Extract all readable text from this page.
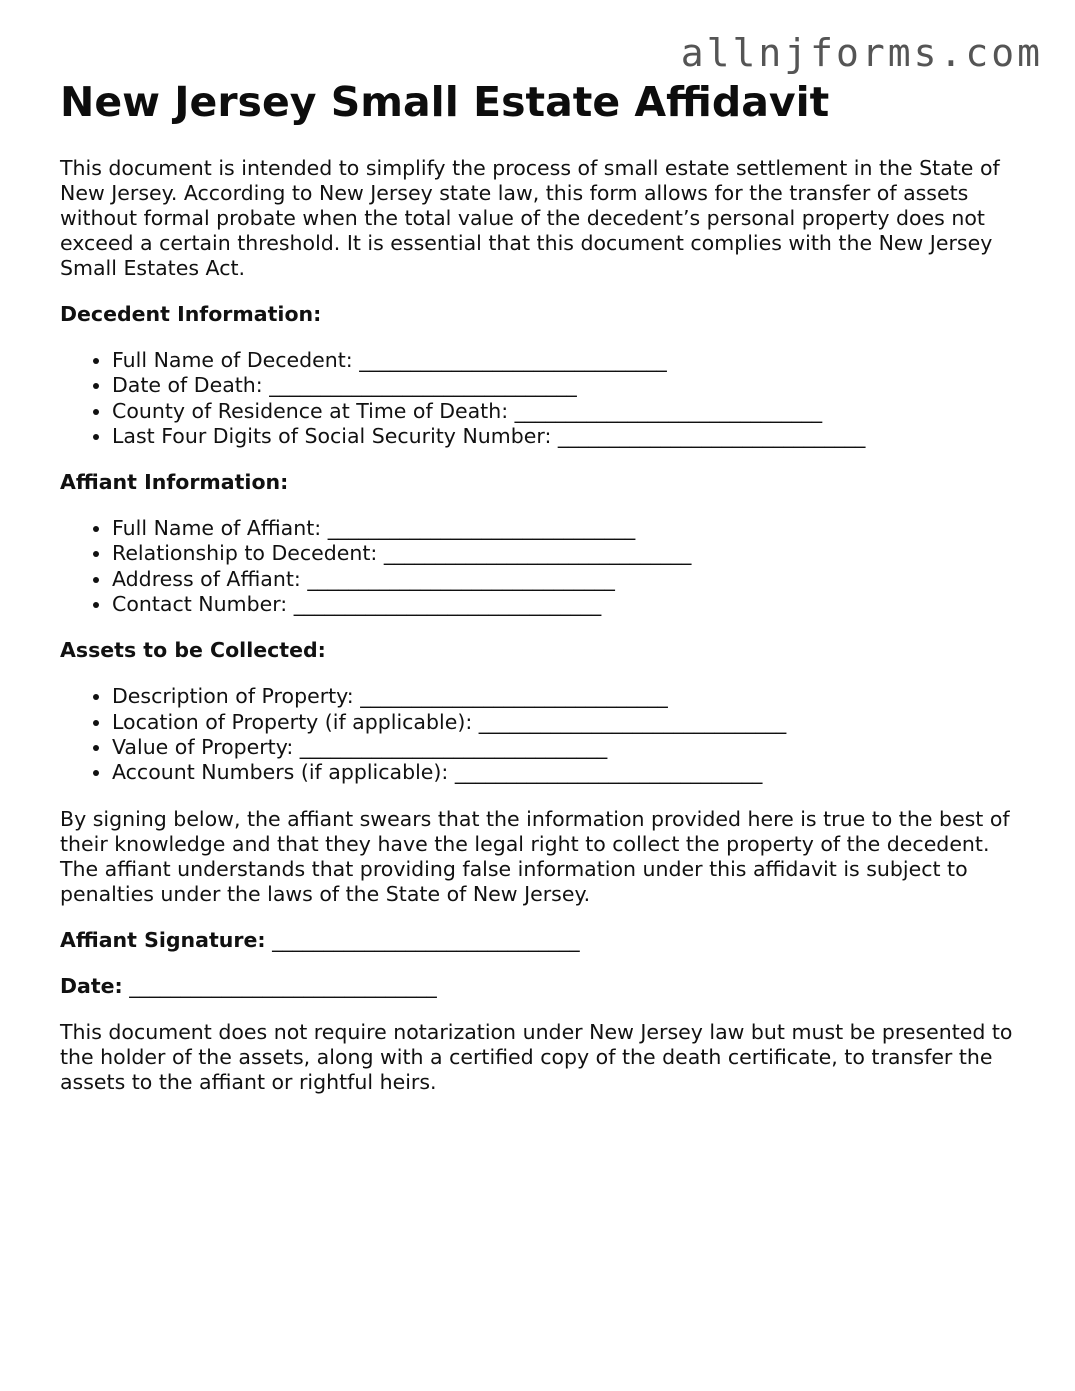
allnjforms.com
New Jersey Small Estate Affidavit

This document is intended to simplify the process of small estate settlement in the State of New Jersey. According to New Jersey state law, this form allows for the transfer of assets without formal probate when the total value of the decedent’s personal property does not exceed a certain threshold. It is essential that this document complies with the New Jersey Small Estates Act.

Decedent Information:

• Full Name of Decedent: ______________________________
• Date of Death: ______________________________
• County of Residence at Time of Death: ______________________________
• Last Four Digits of Social Security Number: ______________________________

Affiant Information:

• Full Name of Affiant: ______________________________
• Relationship to Decedent: ______________________________
• Address of Affiant: ______________________________
• Contact Number: ______________________________

Assets to be Collected:

• Description of Property: ______________________________
• Location of Property (if applicable): ______________________________
• Value of Property: ______________________________
• Account Numbers (if applicable): ______________________________

By signing below, the affiant swears that the information provided here is true to the best of their knowledge and that they have the legal right to collect the property of the decedent. The affiant understands that providing false information under this affidavit is subject to penalties under the laws of the State of New Jersey.

Affiant Signature: ______________________________

Date: ______________________________

This document does not require notarization under New Jersey law but must be presented to the holder of the assets, along with a certified copy of the death certificate, to transfer the assets to the affiant or rightful heirs.
